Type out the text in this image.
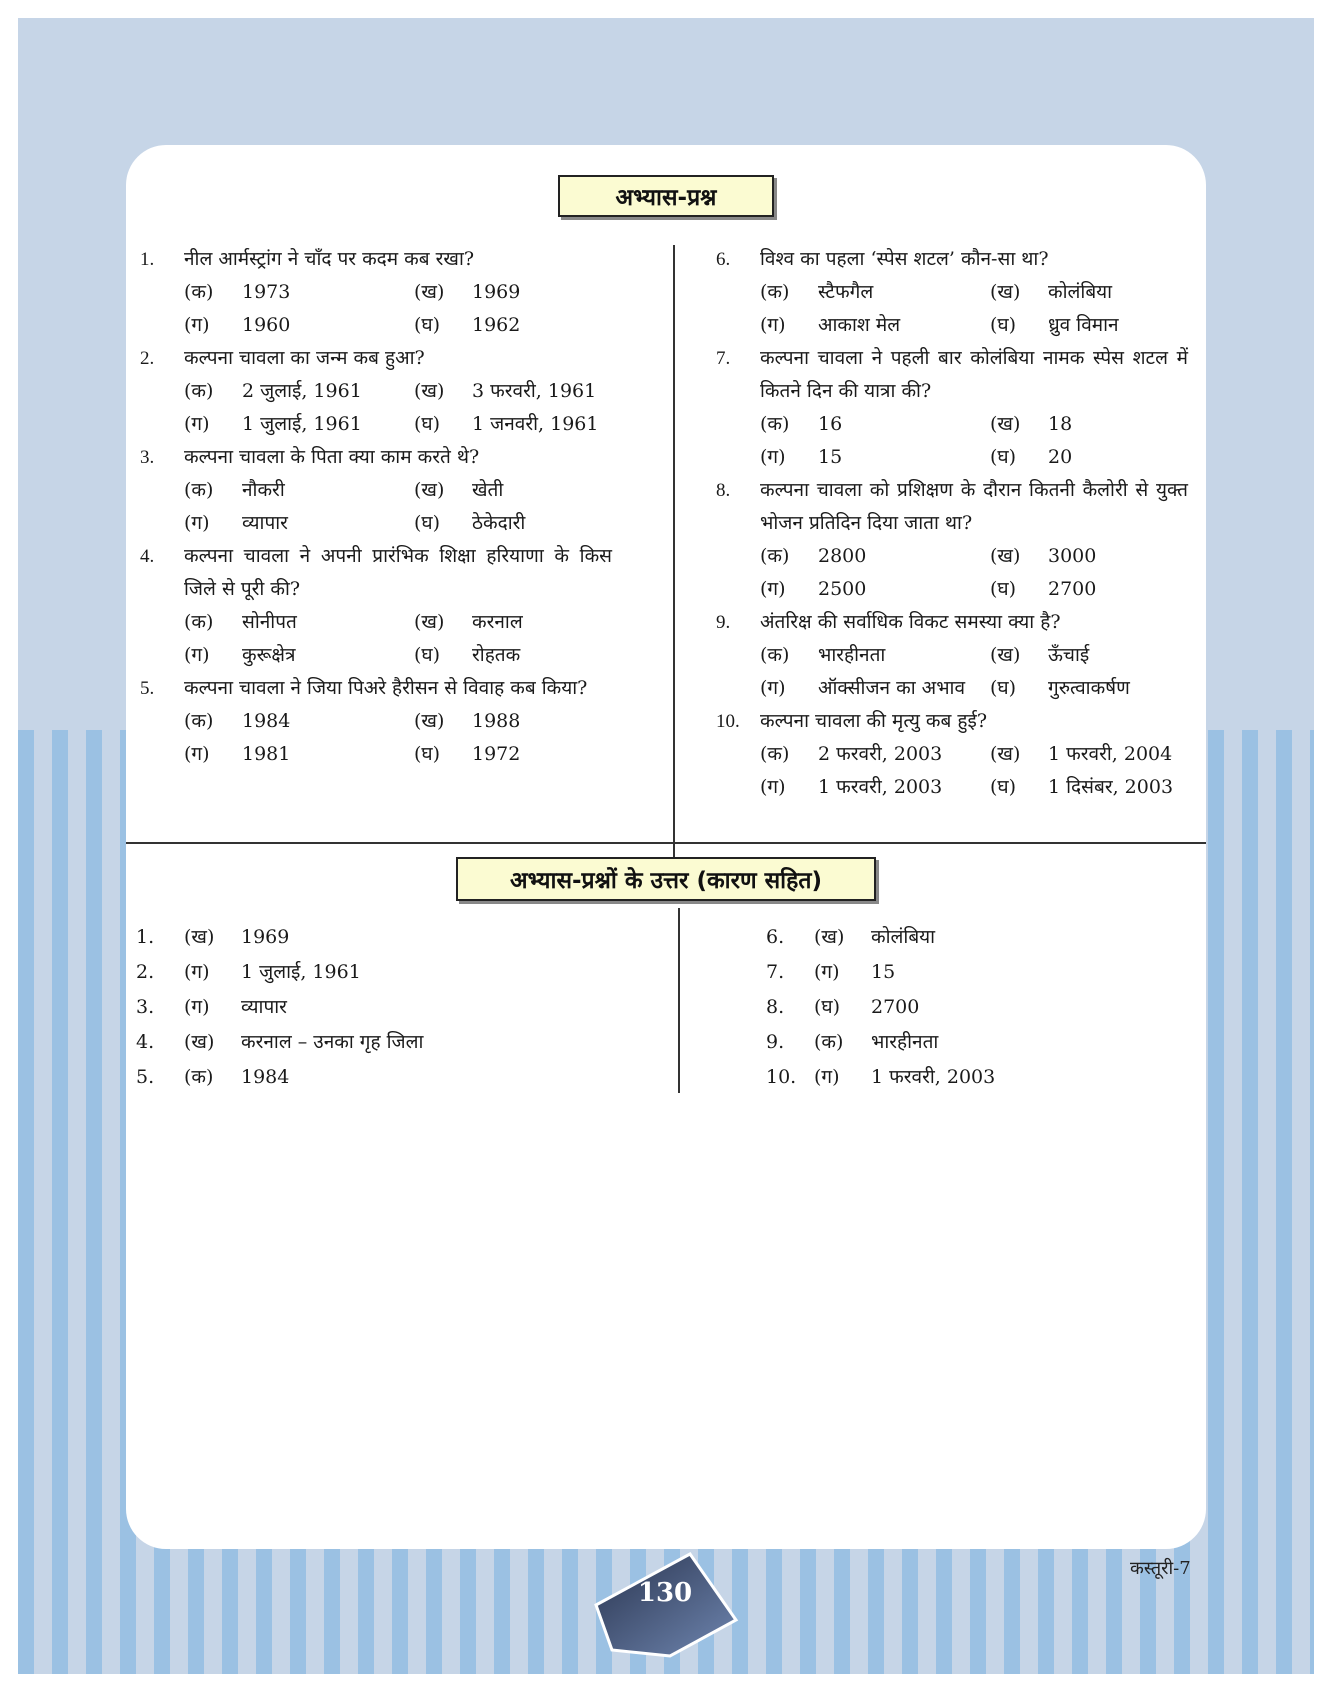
अभ्यास-प्रश्न
1.	नील आर्मस्ट्रांग ने चाँद पर कदम कब रखा?
(क)	1973	(ख)	1969
(ग)	1960	(घ)	1962
2.	कल्पना चावला का जन्म कब हुआ?
(क)	2 जुलाई, 1961	(ख)	3 फरवरी, 1961
(ग)	1 जुलाई, 1961	(घ)	1 जनवरी, 1961
3.	कल्पना चावला के पिता क्या काम करते थे?
(क)	नौकरी	(ख)	खेती
(ग)	व्यापार	(घ)	ठेकेदारी
4.	कल्पना चावला ने अपनी प्रारंभिक शिक्षा हरियाणा के किस जिले से पूरी की?
(क)	सोनीपत	(ख)	करनाल
(ग)	कुरूक्षेत्र	(घ)	रोहतक
5.	कल्पना चावला ने जिया पिअरे हैरीसन से विवाह कब किया?
(क)	1984	(ख)	1988
(ग)	1981	(घ)	1972
6.	विश्व का पहला ‘स्पेस शटल’ कौन-सा था?
(क)	स्टैफगैल	(ख)	कोलंबिया
(ग)	आकाश मेल	(घ)	ध्रुव विमान
7.	कल्पना चावला ने पहली बार कोलंबिया नामक स्पेस शटल में कितने दिन की यात्रा की?
(क)	16	(ख)	18
(ग)	15	(घ)	20
8.	कल्पना चावला को प्रशिक्षण के दौरान कितनी कैलोरी से युक्त भोजन प्रतिदिन दिया जाता था?
(क)	2800	(ख)	3000
(ग)	2500	(घ)	2700
9.	अंतरिक्ष की सर्वाधिक विकट समस्या क्या है?
(क)	भारहीनता	(ख)	ऊँचाई
(ग)	ऑक्सीजन का अभाव (घ)	गुरुत्वाकर्षण
10.	कल्पना चावला की मृत्यु कब हुई?
(क)	2 फरवरी, 2003	(ख)	1 फरवरी, 2004
(ग)	1 फरवरी, 2003	(घ)	1 दिसंबर, 2003
अभ्यास-प्रश्नों के उत्तर (कारण सहित)
1.	(ख)	1969
2.	(ग)	1 जुलाई, 1961
3.	(ग)	व्यापार
4.	(ख)	करनाल – उनका गृह जिला
5.	(क)	1984
6.	(ख)	कोलंबिया
7.	(ग)	15
8.	(घ)	2700
9.	(क)	भारहीनता
10. (ग)	1 फरवरी, 2003
130
कस्तूरी-7
